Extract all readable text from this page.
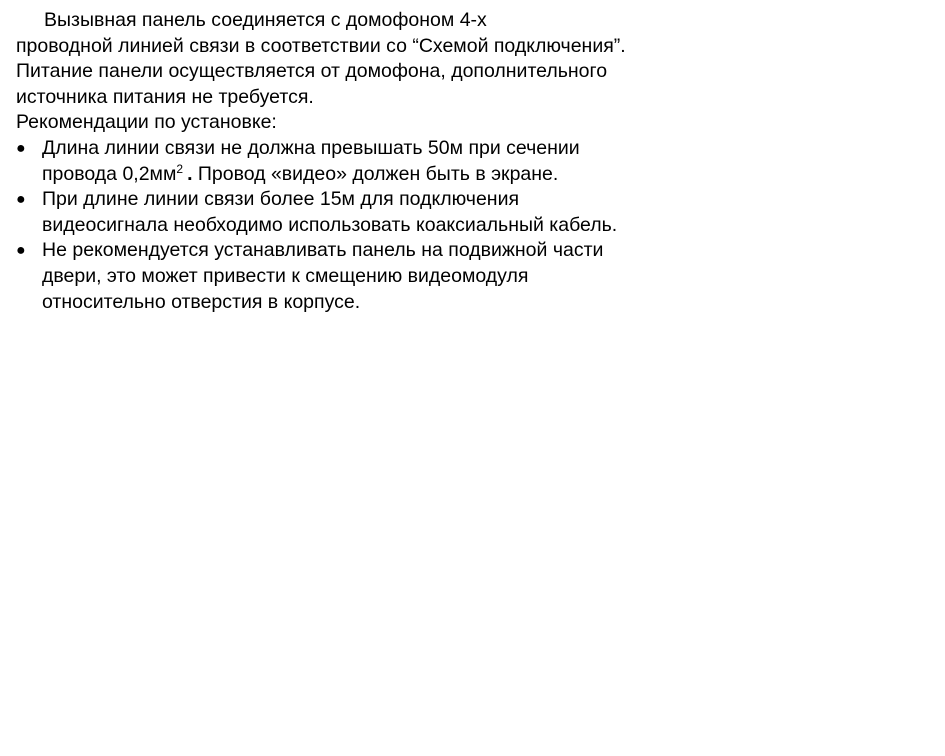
Вызывная панель соединяется с домофоном 4-х

проводной линией связи в соответствии со “Схемой подключения”.

Питание панели осуществляется от домофона, дополнительного

источника питания не требуется.

Рекомендации по установке:

● Длина линии связи не должна превышать 50м при сечении
провода $0,2мм^2$ . Провод «видео» должен быть в экране.
● При длине линии связи более 15м для подключения
видеосигнала необходимо использовать коаксиальный кабель.
● Не рекомендуется устанавливать панель на подвижной части
двери, это может привести к смещению видеомодуля
относительно отверстия в корпусе.
